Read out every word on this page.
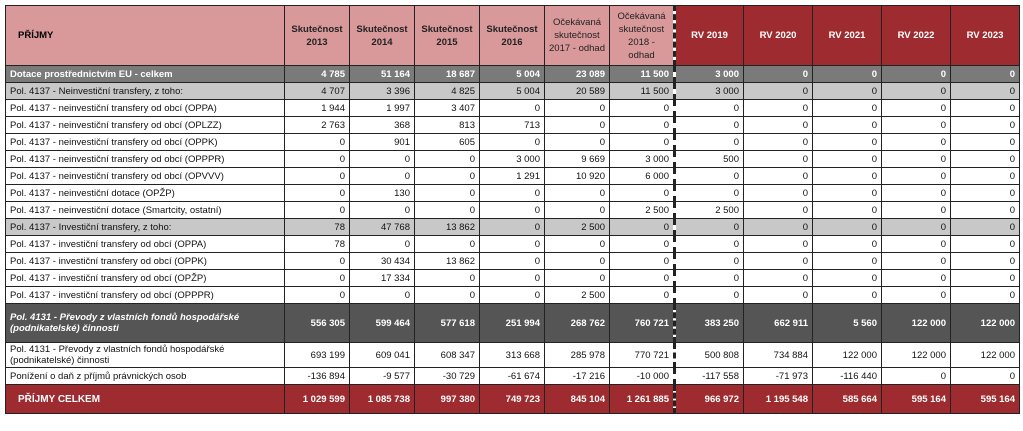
PŘÍJMY	Skutečnost 2013	Skutečnost 2014	Skutečnost 2015	Skutečnost 2016	Očekávaná skutečnost 2017 - odhad	Očekávaná skutečnost 2018 - odhad	RV 2019	RV 2020	RV 2021	RV 2022	RV 2023
Dotace prostřednictvím EU - celkem	4 785	51 164	18 687	5 004	23 089	11 500	3 000	0	0	0	0
Pol. 4137 - Neinvestiční transfery, z toho:	4 707	3 396	4 825	5 004	20 589	11 500	3 000	0	0	0	0
Pol. 4137 - neinvestiční transfery od obcí (OPPA)	1 944	1 997	3 407	0	0	0	0	0	0	0	0
Pol. 4137 - neinvestiční transfery od obcí (OPLZZ)	2 763	368	813	713	0	0	0	0	0	0	0
Pol. 4137 - neinvestiční transfery od obcí (OPPK)	0	901	605	0	0	0	0	0	0	0	0
Pol. 4137 - neinvestiční transfery od obcí (OPPPR)	0	0	0	3 000	9 669	3 000	500	0	0	0	0
Pol. 4137 - neinvestiční transfery od obcí (OPVVV)	0	0	0	1 291	10 920	6 000	0	0	0	0	0
Pol. 4137 - neinvestiční dotace (OPŽP)	0	130	0	0	0	0	0	0	0	0	0
Pol. 4137 - neinvestiční dotace (Smartcity, ostatní)	0	0	0	0	0	2 500	2 500	0	0	0	0
Pol. 4137 - Investiční transfery, z toho:	78	47 768	13 862	0	2 500	0	0	0	0	0	0
Pol. 4137 - investiční transfery od obcí (OPPA)	78	0	0	0	0	0	0	0	0	0	0
Pol. 4137 - investiční transfery od obcí (OPPK)	0	30 434	13 862	0	0	0	0	0	0	0	0
Pol. 4137 - investiční transfery od obcí (OPŽP)	0	17 334	0	0	0	0	0	0	0	0	0
Pol. 4137 - investiční transfery od obcí (OPPPR)	0	0	0	0	2 500	0	0	0	0	0	0
Pol. 4131 - Převody z vlastních fondů hospodářské (podnikatelské) činnosti	556 305	599 464	577 618	251 994	268 762	760 721	383 250	662 911	5 560	122 000	122 000
Pol. 4131 - Převody z vlastních fondů hospodářské (podnikatelské) činnosti	693 199	609 041	608 347	313 668	285 978	770 721	500 808	734 884	122 000	122 000	122 000
Ponížení o daň z příjmů právnických osob	-136 894	-9 577	-30 729	-61 674	-17 216	-10 000	-117 558	-71 973	-116 440	0	0
PŘÍJMY CELKEM	1 029 599	1 085 738	997 380	749 723	845 104	1 261 885	966 972	1 195 548	585 664	595 164	595 164
